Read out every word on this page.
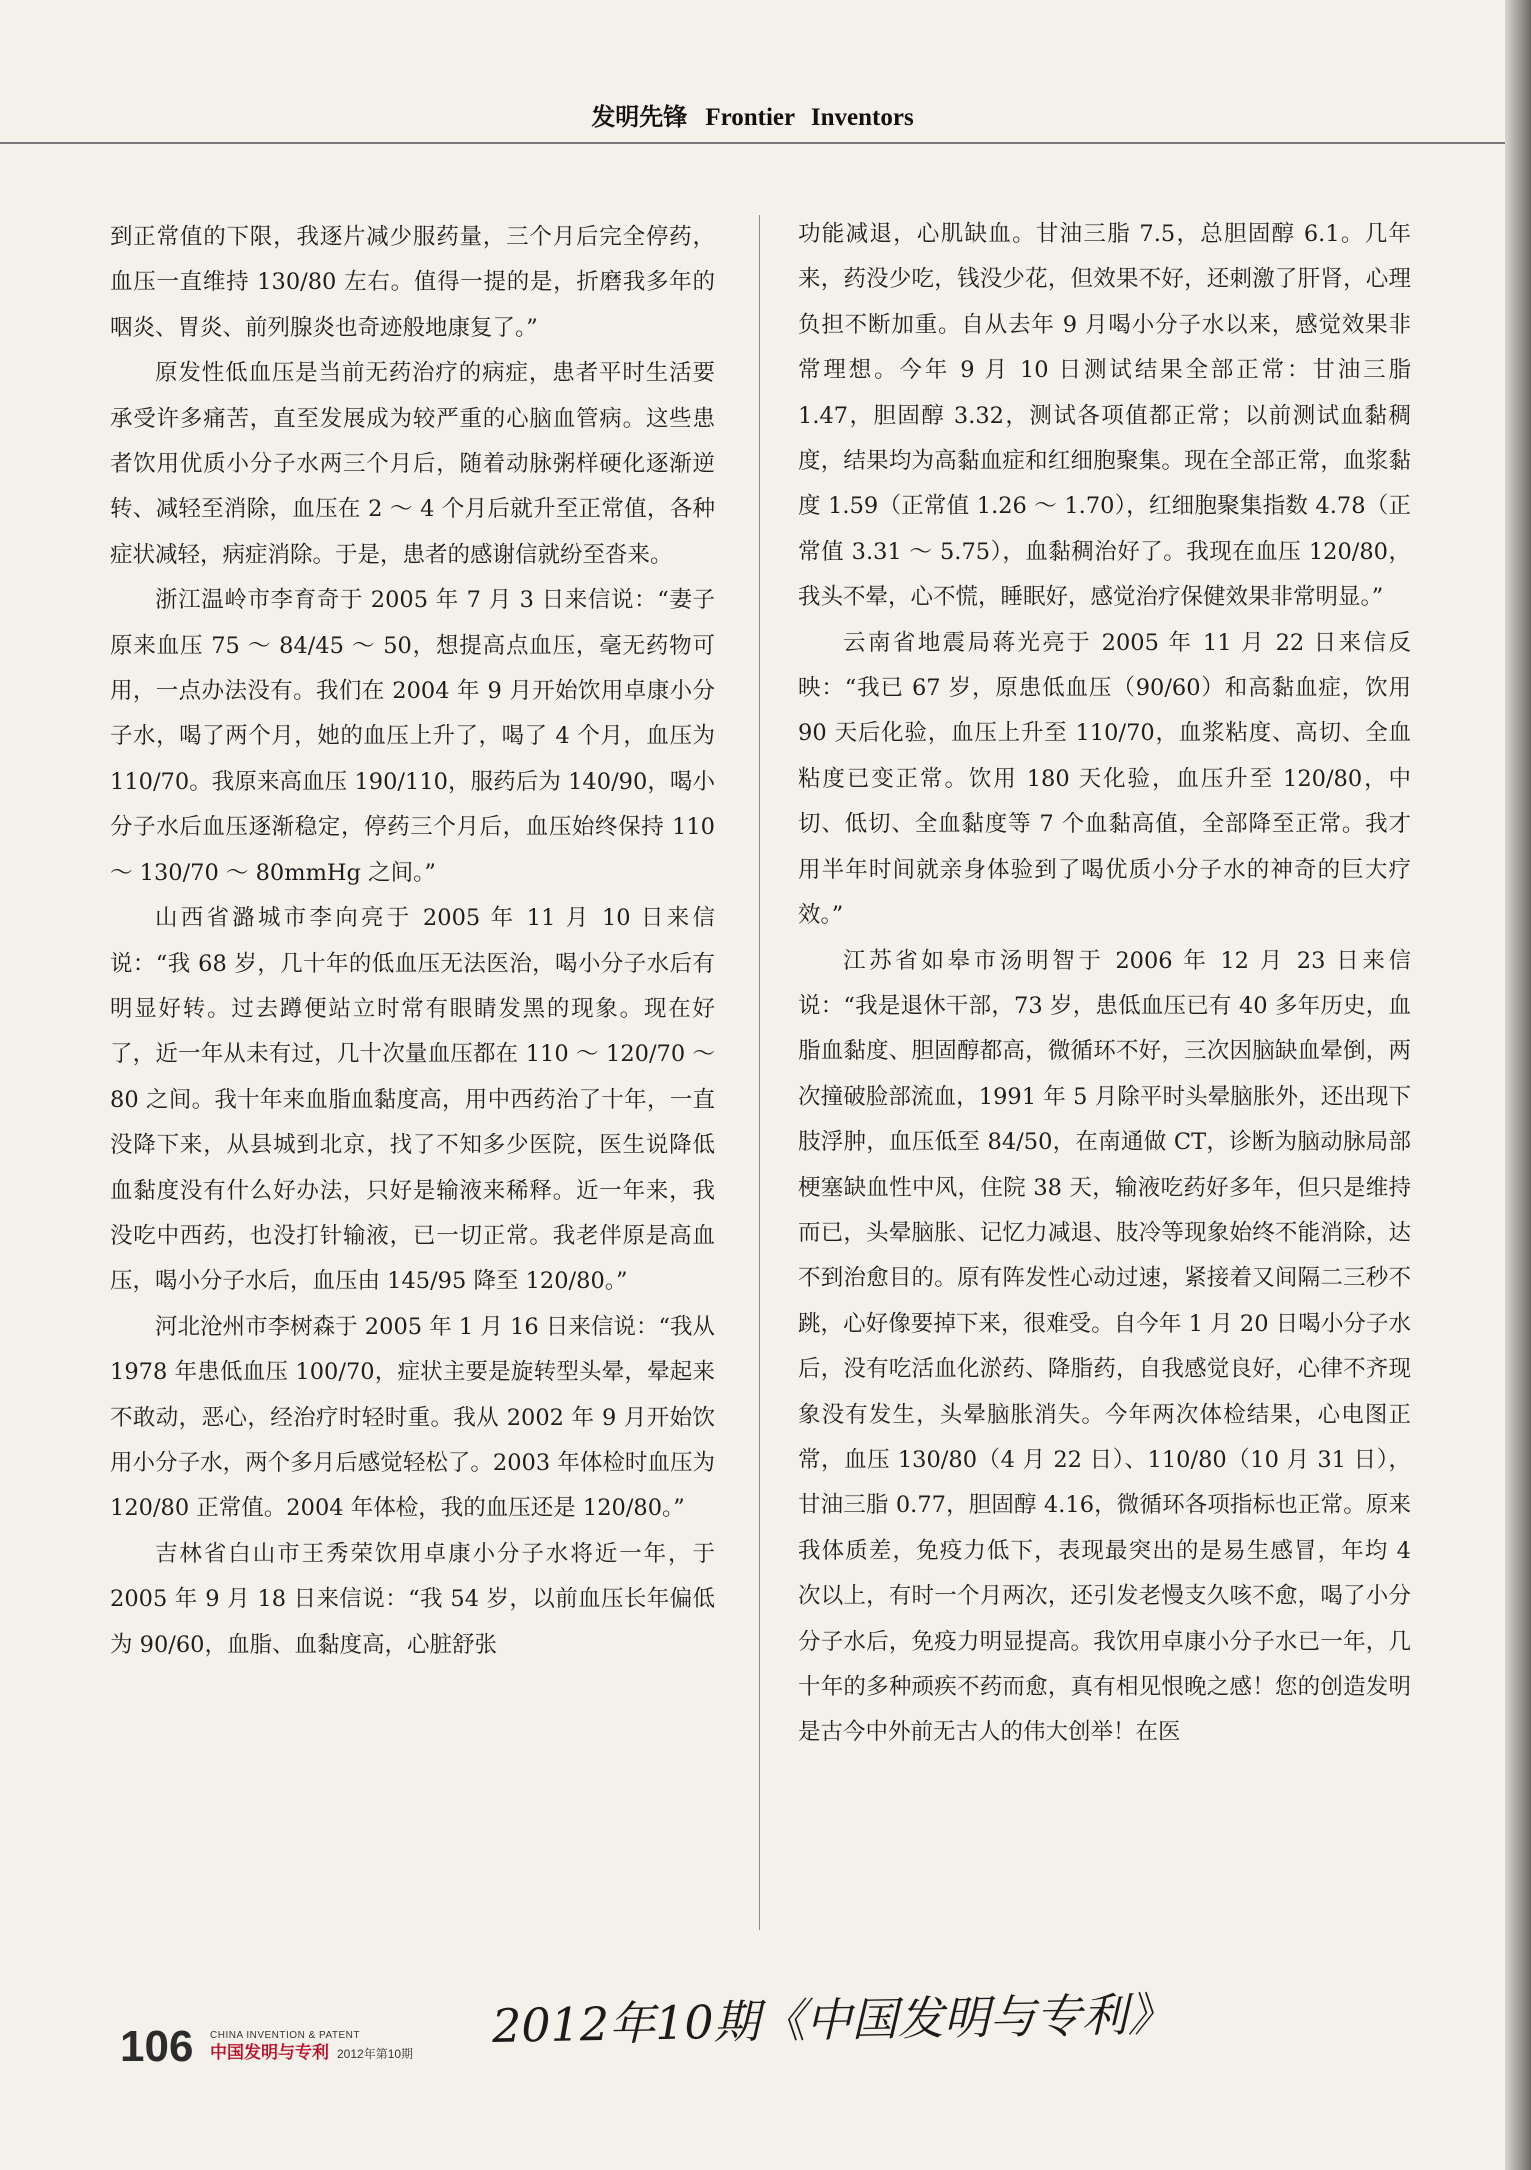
发明先锋 Frontier Inventors

到正常值的下限，我逐片减少服药量，三个月后完全停药，血压一直维持 130/80 左右。值得一提的是，折磨我多年的咽炎、胃炎、前列腺炎也奇迹般地康复了。”

原发性低血压是当前无药治疗的病症，患者平时生活要承受许多痛苦，直至发展成为较严重的心脑血管病。这些患者饮用优质小分子水两三个月后，随着动脉粥样硬化逐渐逆转、减轻至消除，血压在 2 ～ 4 个月后就升至正常值，各种症状减轻，病症消除。于是，患者的感谢信就纷至沓来。

浙江温岭市李育奇于 2005 年 7 月 3 日来信说：“妻子原来血压 75 ～ 84/45 ～ 50，想提高点血压，毫无药物可用，一点办法没有。我们在 2004 年 9 月开始饮用卓康小分子水，喝了两个月，她的血压上升了，喝了 4 个月，血压为 110/70。我原来高血压 190/110，服药后为 140/90，喝小分子水后血压逐渐稳定，停药三个月后，血压始终保持 110 ～ 130/70 ～ 80mmHg 之间。”

山西省潞城市李向亮于 2005 年 11 月 10 日来信说：“我 68 岁，几十年的低血压无法医治，喝小分子水后有明显好转。过去蹲便站立时常有眼睛发黑的现象。现在好了，近一年从未有过，几十次量血压都在 110 ～ 120/70 ～ 80 之间。我十年来血脂血黏度高，用中西药治了十年，一直没降下来，从县城到北京，找了不知多少医院，医生说降低血黏度没有什么好办法，只好是输液来稀释。近一年来，我没吃中西药，也没打针输液，已一切正常。我老伴原是高血压，喝小分子水后，血压由 145/95 降至 120/80。”

河北沧州市李树森于 2005 年 1 月 16 日来信说：“我从 1978 年患低血压 100/70，症状主要是旋转型头晕，晕起来不敢动，恶心，经治疗时轻时重。我从 2002 年 9 月开始饮用小分子水，两个多月后感觉轻松了。2003 年体检时血压为 120/80 正常值。2004 年体检，我的血压还是 120/80。”

吉林省白山市王秀荣饮用卓康小分子水将近一年，于 2005 年 9 月 18 日来信说：“我 54 岁，以前血压长年偏低为 90/60，血脂、血黏度高，心脏舒张

功能减退，心肌缺血。甘油三脂 7.5，总胆固醇 6.1。几年来，药没少吃，钱没少花，但效果不好，还刺激了肝肾，心理负担不断加重。自从去年 9 月喝小分子水以来，感觉效果非常理想。今年 9 月 10 日测试结果全部正常：甘油三脂 1.47，胆固醇 3.32，测试各项值都正常；以前测试血黏稠度，结果均为高黏血症和红细胞聚集。现在全部正常，血浆黏度 1.59（正常值 1.26 ～ 1.70），红细胞聚集指数 4.78（正常值 3.31 ～ 5.75），血黏稠治好了。我现在血压 120/80，我头不晕，心不慌，睡眠好，感觉治疗保健效果非常明显。”

云南省地震局蒋光亮于 2005 年 11 月 22 日来信反映：“我已 67 岁，原患低血压（90/60）和高黏血症，饮用 90 天后化验，血压上升至 110/70，血浆粘度、高切、全血粘度已变正常。饮用 180 天化验，血压升至 120/80，中切、低切、全血黏度等 7 个血黏高值，全部降至正常。我才用半年时间就亲身体验到了喝优质小分子水的神奇的巨大疗效。”

江苏省如皋市汤明智于 2006 年 12 月 23 日来信说：“我是退休干部，73 岁，患低血压已有 40 多年历史，血脂血黏度、胆固醇都高，微循环不好，三次因脑缺血晕倒，两次撞破脸部流血，1991 年 5 月除平时头晕脑胀外，还出现下肢浮肿，血压低至 84/50，在南通做 CT，诊断为脑动脉局部梗塞缺血性中风，住院 38 天，输液吃药好多年，但只是维持而已，头晕脑胀、记忆力减退、肢冷等现象始终不能消除，达不到治愈目的。原有阵发性心动过速，紧接着又间隔二三秒不跳，心好像要掉下来，很难受。自今年 1 月 20 日喝小分子水后，没有吃活血化淤药、降脂药，自我感觉良好，心律不齐现象没有发生，头晕脑胀消失。今年两次体检结果，心电图正常，血压 130/80（4 月 22 日）、110/80（10 月 31 日），甘油三脂 0.77，胆固醇 4.16，微循环各项指标也正常。原来我体质差，免疫力低下，表现最突出的是易生感冒，年均 4 次以上，有时一个月两次，还引发老慢支久咳不愈，喝了小分分子水后，免疫力明显提高。我饮用卓康小分子水已一年，几十年的多种顽疾不药而愈，真有相见恨晚之感！您的创造发明是古今中外前无古人的伟大创举！在医

106 CHINA INVENTION & PATENT
中国发明与专利 2012年第10期
2012年10期《中国发明与专利》
